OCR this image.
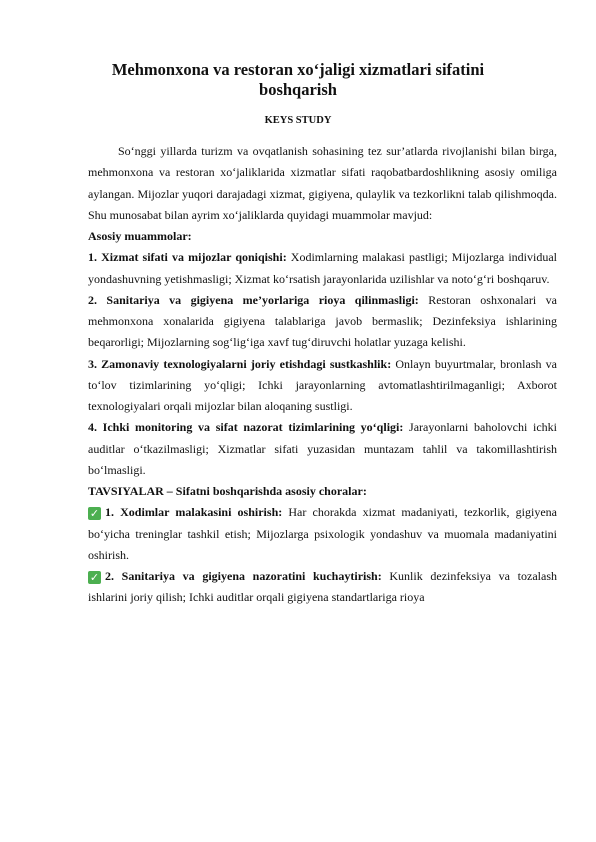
Mehmonxona va restoran xo‘jaligi xizmatlari sifatini boshqarish
KEYS STUDY

So‘nggi yillarda turizm va ovqatlanish sohasining tez sur’atlarda rivojlanishi bilan birga, mehmonxona va restoran xo‘jaliklarida xizmatlar sifati raqobatbardoshlikning asosiy omiliga aylangan. Mijozlar yuqori darajadagi xizmat, gigiyena, qulaylik va tezkorlikni talab qilishmoqda. Shu munosabat bilan ayrim xo‘jaliklarda quyidagi muammolar mavjud:

Asosiy muammolar:

1. Xizmat sifati va mijozlar qoniqishi: Xodimlarning malakasi pastligi; Mijozlarga individual yondashuvning yetishmasligi; Xizmat ko‘rsatish jarayonlarida uzilishlar va noto‘g‘ri boshqaruv.

2. Sanitariya va gigiyena me’yorlariga rioya qilinmasligi: Restoran oshxonalari va mehmonxona xonalarida gigiyena talablariga javob bermaslik; Dezinfeksiya ishlarining beqarorligi; Mijozlarning sog‘lig‘iga xavf tug‘diruvchi holatlar yuzaga kelishi.

3. Zamonaviy texnologiyalarni joriy etishdagi sustkashlik: Onlayn buyurtmalar, bronlash va to‘lov tizimlarining yo‘qligi; Ichki jarayonlarning avtomatlashtirilmaganligi; Axborot texnologiyalari orqali mijozlar bilan aloqaning sustligi.

4. Ichki monitoring va sifat nazorat tizimlarining yo‘qligi: Jarayonlarni baholovchi ichki auditlar o‘tkazilmasligi; Xizmatlar sifati yuzasidan muntazam tahlil va takomillashtirish bo‘lmasligi.

TAVSIYALAR – Sifatni boshqarishda asosiy choralar:

✓ 1. Xodimlar malakasini oshirish: Har chorakda xizmat madaniyati, tezkorlik, gigiyena bo‘yicha treninglar tashkil etish; Mijozlarga psixologik yondashuv va muomala madaniyatini oshirish.

✓ 2. Sanitariya va gigiyena nazoratini kuchaytirish: Kunlik dezinfeksiya va tozalash ishlarini joriy qilish; Ichki auditlar orqali gigiyena standartlariga rioya
